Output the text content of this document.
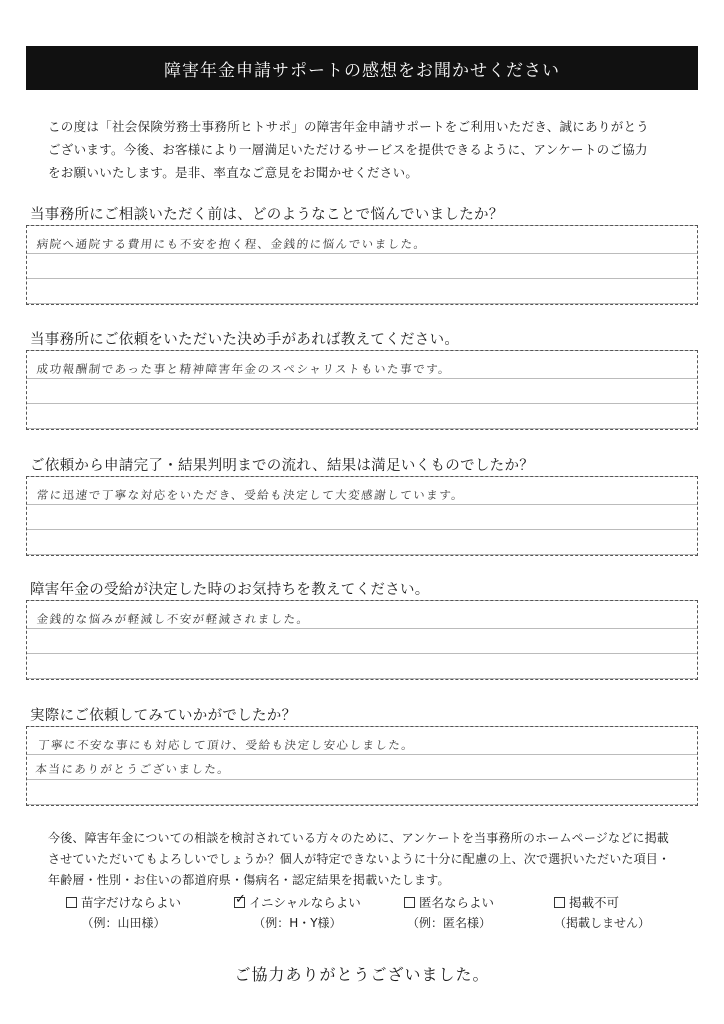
障害年金申請サポートの感想をお聞かせください
この度は「社会保険労務士事務所ヒトサポ」の障害年金申請サポートをご利用いただき、誠にありがとう
ございます。今後、お客様により一層満足いただけるサービスを提供できるように、アンケートのご協力
をお願いいたします。是非、率直なご意見をお聞かせください。
当事務所にご相談いただく前は、どのようなことで悩んでいましたか？
病院へ通院する費用にも不安を抱く程、金銭的に悩んでいました。
当事務所にご依頼をいただいた決め手があれば教えてください。
成功報酬制であった事と精神障害年金のスペシャリストもいた事です。
ご依頼から申請完了・結果判明までの流れ、結果は満足いくものでしたか？
常に迅速で丁寧な対応をいただき、受給も決定して大変感謝しています。
障害年金の受給が決定した時のお気持ちを教えてください。
金銭的な悩みが軽減し不安が軽減されました。
実際にご依頼してみていかがでしたか？
丁寧に不安な事にも対応して頂け、受給も決定し安心しました。
本当にありがとうございました。
今後、障害年金についての相談を検討されている方々のために、アンケートを当事務所のホームページなどに掲載
させていただいてもよろしいでしょうか？個人が特定できないように十分に配慮の上、次で選択いただいた項目・
年齢層・性別・お住いの都道府県・傷病名・認定結果を掲載いたします。
苗字だけならよい
（例：山田様）
✓ イニシャルならよい
（例：H・Y様）
匿名ならよい
（例：匿名様）
掲載不可
（掲載しません）
ご協力ありがとうございました。
